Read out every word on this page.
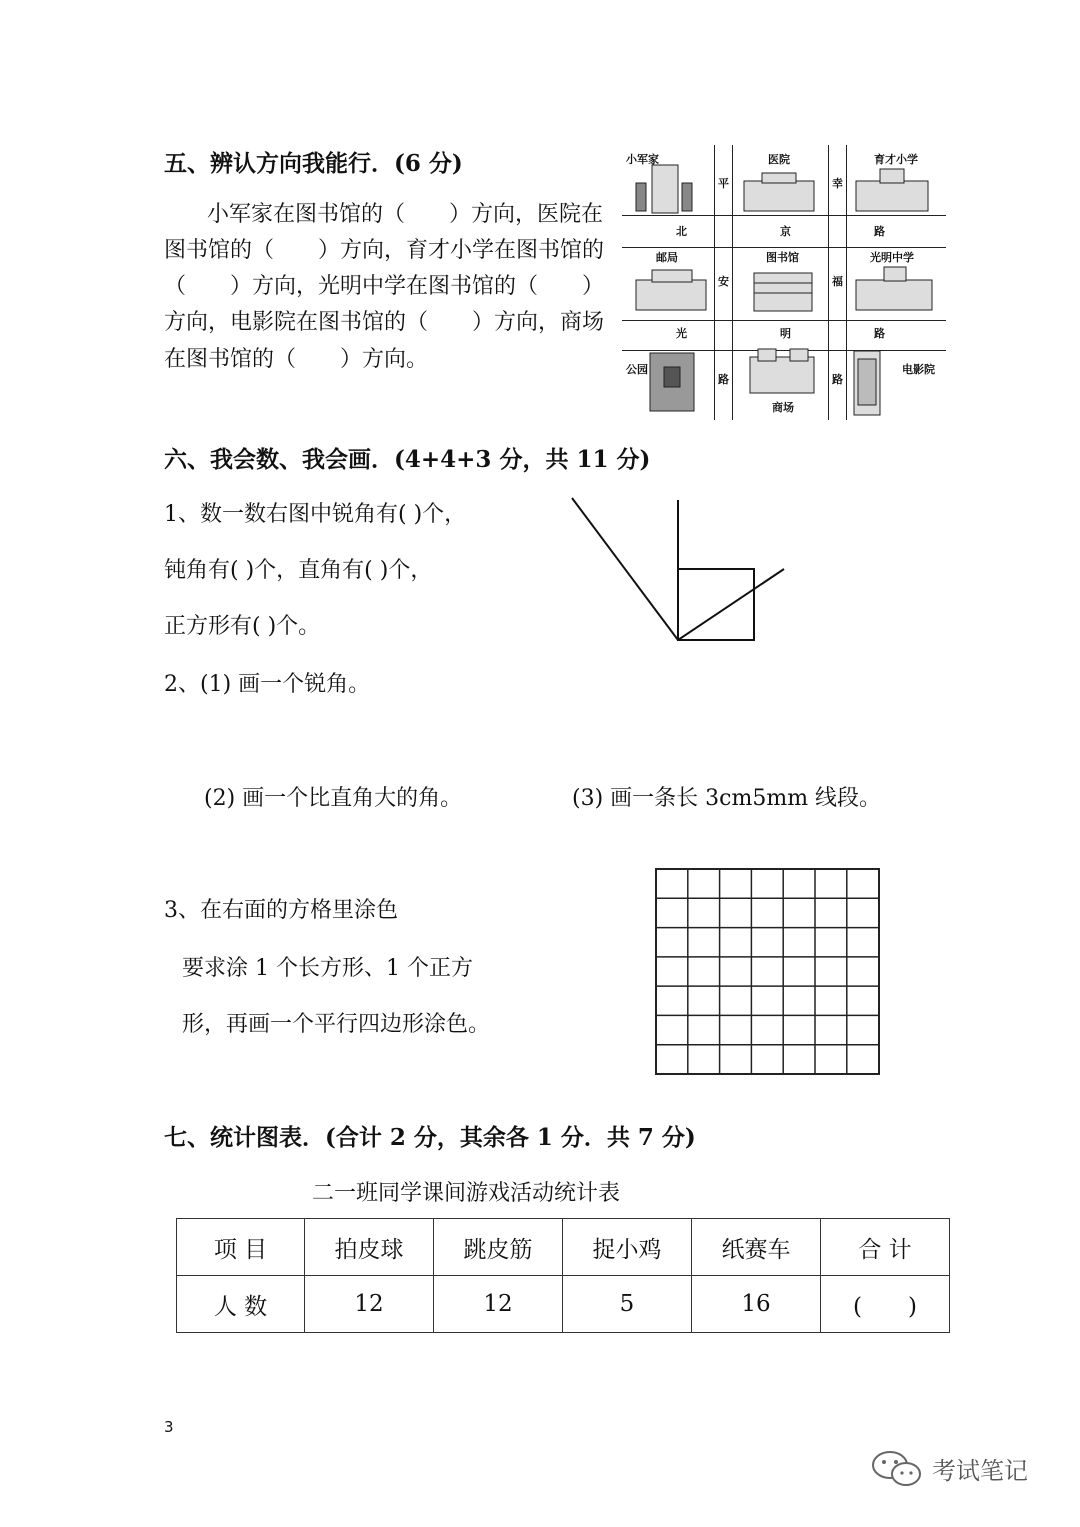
五、辨认方向我能行．(6 分)
小军家在图书馆的（　　）方向，医院在
图书馆的（　　）方向，育才小学在图书馆的
（　　）方向，光明中学在图书馆的（　　）
方向，电影院在图书馆的（　　）方向，商场
在图书馆的（　　）方向。
小军家	医院	育才小学
邮局	图书馆	光明中学
公园
商场
电影院
北	京	路
光	明	路
平
安
路
幸
福
路
六、我会数、我会画．(4+4+3 分，共 11 分)
1、数一数右图中锐角有( )个，
钝角有( )个，直角有( )个，
正方形有( )个。
2、(1) 画一个锐角。
(2) 画一个比直角大的角。	(3) 画一条长 3cm5mm 线段。
3、在右面的方格里涂色
要求涂 1 个长方形、1 个正方
形，再画一个平行四边形涂色。
七、统计图表．(合计 2 分，其余各 1 分．共 7 分)
二一班同学课间游戏活动统计表
项 目	拍皮球	跳皮筋	捉小鸡	纸赛车	合 计
人 数	12	12	5	16	(　　)
3
考试笔记
